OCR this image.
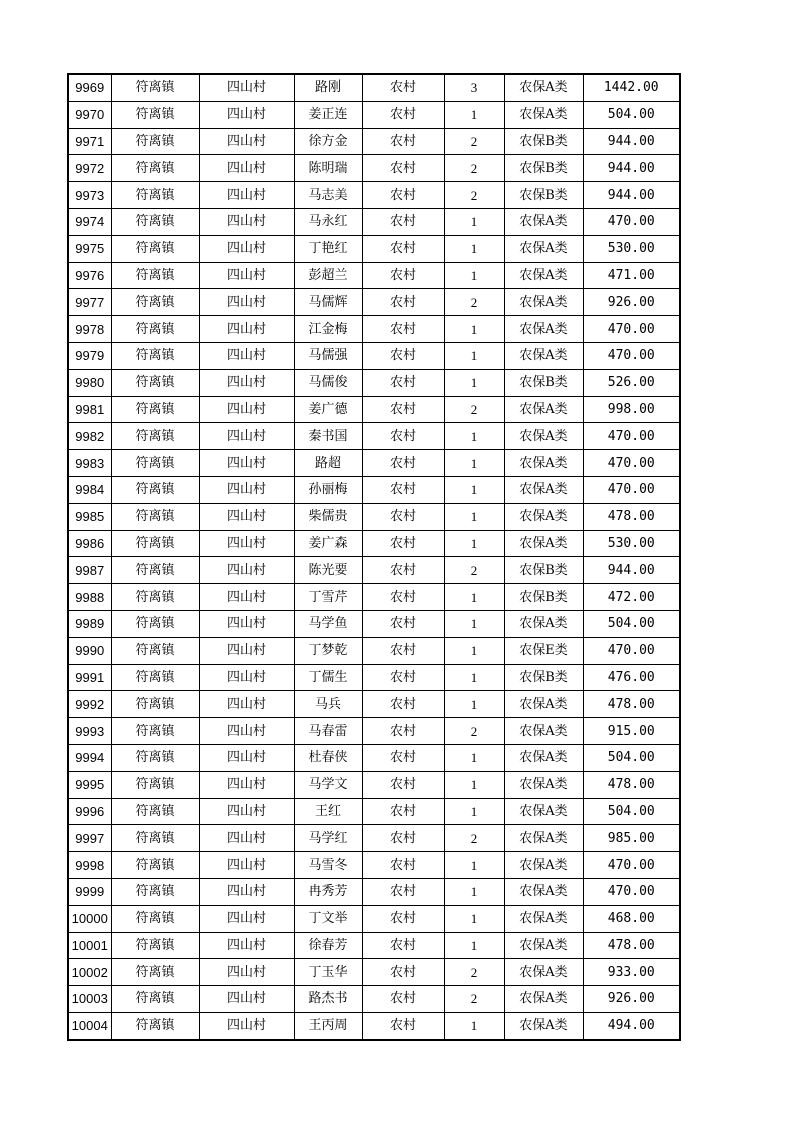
9969	符离镇	四山村	路刚	农村	3	农保A类	1442.00
9970	符离镇	四山村	姜正连	农村	1	农保A类	504.00
9971	符离镇	四山村	徐方金	农村	2	农保B类	944.00
9972	符离镇	四山村	陈明瑞	农村	2	农保B类	944.00
9973	符离镇	四山村	马志美	农村	2	农保B类	944.00
9974	符离镇	四山村	马永红	农村	1	农保A类	470.00
9975	符离镇	四山村	丁艳红	农村	1	农保A类	530.00
9976	符离镇	四山村	彭超兰	农村	1	农保A类	471.00
9977	符离镇	四山村	马儒辉	农村	2	农保A类	926.00
9978	符离镇	四山村	江金梅	农村	1	农保A类	470.00
9979	符离镇	四山村	马儒强	农村	1	农保A类	470.00
9980	符离镇	四山村	马儒俊	农村	1	农保B类	526.00
9981	符离镇	四山村	姜广德	农村	2	农保A类	998.00
9982	符离镇	四山村	秦书国	农村	1	农保A类	470.00
9983	符离镇	四山村	路超	农村	1	农保A类	470.00
9984	符离镇	四山村	孙丽梅	农村	1	农保A类	470.00
9985	符离镇	四山村	柴儒贵	农村	1	农保A类	478.00
9986	符离镇	四山村	姜广森	农村	1	农保A类	530.00
9987	符离镇	四山村	陈光要	农村	2	农保B类	944.00
9988	符离镇	四山村	丁雪芹	农村	1	农保B类	472.00
9989	符离镇	四山村	马学鱼	农村	1	农保A类	504.00
9990	符离镇	四山村	丁梦乾	农村	1	农保E类	470.00
9991	符离镇	四山村	丁儒生	农村	1	农保B类	476.00
9992	符离镇	四山村	马兵	农村	1	农保A类	478.00
9993	符离镇	四山村	马春雷	农村	2	农保A类	915.00
9994	符离镇	四山村	杜春侠	农村	1	农保A类	504.00
9995	符离镇	四山村	马学文	农村	1	农保A类	478.00
9996	符离镇	四山村	王红	农村	1	农保A类	504.00
9997	符离镇	四山村	马学红	农村	2	农保A类	985.00
9998	符离镇	四山村	马雪冬	农村	1	农保A类	470.00
9999	符离镇	四山村	冉秀芳	农村	1	农保A类	470.00
10000	符离镇	四山村	丁文举	农村	1	农保A类	468.00
10001	符离镇	四山村	徐春芳	农村	1	农保A类	478.00
10002	符离镇	四山村	丁玉华	农村	2	农保A类	933.00
10003	符离镇	四山村	路杰书	农村	2	农保A类	926.00
10004	符离镇	四山村	王丙周	农村	1	农保A类	494.00
